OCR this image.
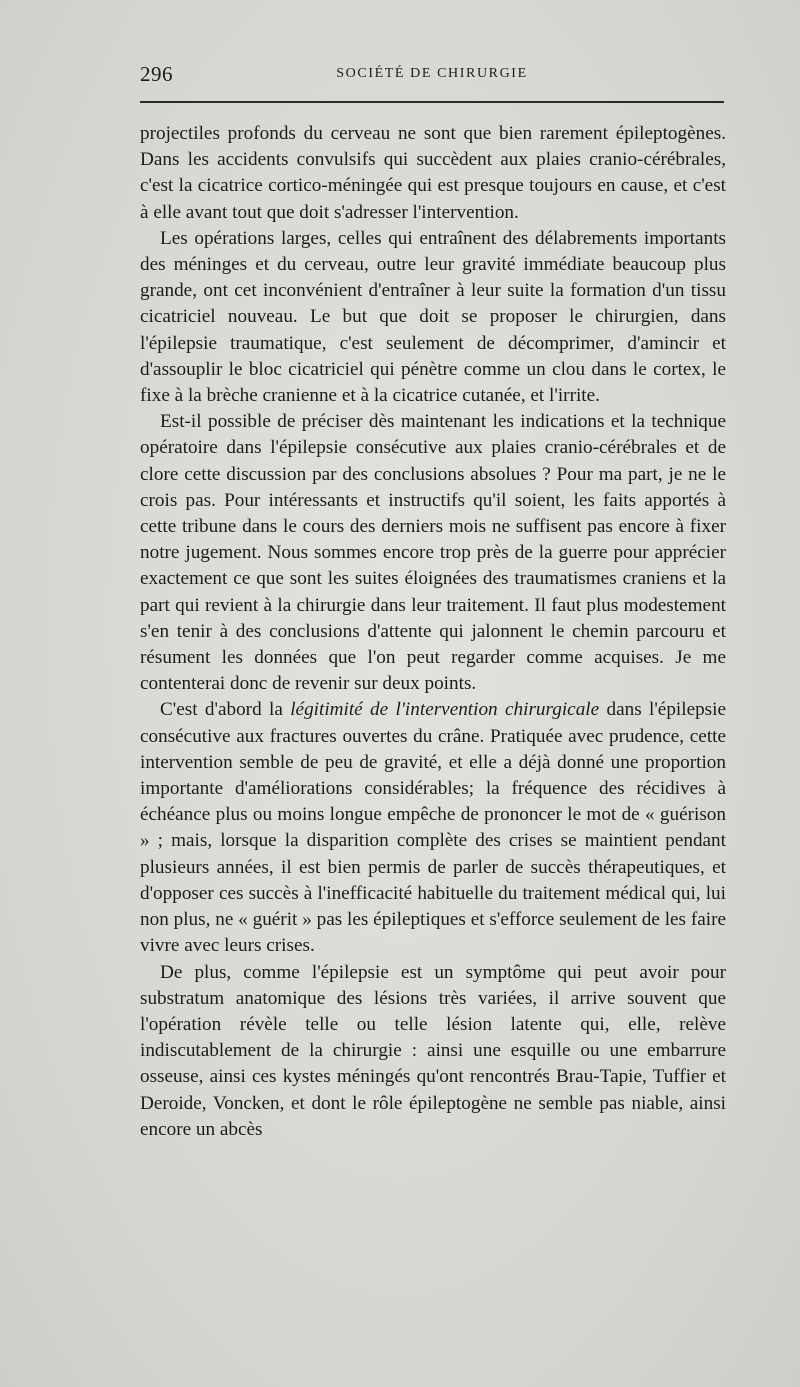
296	SOCIÉTÉ DE CHIRURGIE

projectiles profonds du cerveau ne sont que bien rarement épileptogènes. Dans les accidents convulsifs qui succèdent aux plaies cranio-cérébrales, c'est la cicatrice cortico-méningée qui est presque toujours en cause, et c'est à elle avant tout que doit s'adresser l'intervention.

Les opérations larges, celles qui entraînent des délabrements importants des méninges et du cerveau, outre leur gravité immédiate beaucoup plus grande, ont cet inconvénient d'entraîner à leur suite la formation d'un tissu cicatriciel nouveau. Le but que doit se proposer le chirurgien, dans l'épilepsie traumatique, c'est seulement de décomprimer, d'amincir et d'assouplir le bloc cicatriciel qui pénètre comme un clou dans le cortex, le fixe à la brèche cranienne et à la cicatrice cutanée, et l'irrite.

Est-il possible de préciser dès maintenant les indications et la technique opératoire dans l'épilepsie consécutive aux plaies cranio-cérébrales et de clore cette discussion par des conclusions absolues ? Pour ma part, je ne le crois pas. Pour intéressants et instructifs qu'il soient, les faits apportés à cette tribune dans le cours des derniers mois ne suffisent pas encore à fixer notre jugement. Nous sommes encore trop près de la guerre pour apprécier exactement ce que sont les suites éloignées des traumatismes craniens et la part qui revient à la chirurgie dans leur traitement. Il faut plus modestement s'en tenir à des conclusions d'attente qui jalonnent le chemin parcouru et résument les données que l'on peut regarder comme acquises. Je me contenterai donc de revenir sur deux points.

C'est d'abord la légitimité de l'intervention chirurgicale dans l'épilepsie consécutive aux fractures ouvertes du crâne. Pratiquée avec prudence, cette intervention semble de peu de gravité, et elle a déjà donné une proportion importante d'améliorations considérables; la fréquence des récidives à échéance plus ou moins longue empêche de prononcer le mot de « guérison » ; mais, lorsque la disparition complète des crises se maintient pendant plusieurs années, il est bien permis de parler de succès thérapeutiques, et d'opposer ces succès à l'inefficacité habituelle du traitement médical qui, lui non plus, ne « guérit » pas les épileptiques et s'efforce seulement de les faire vivre avec leurs crises.

De plus, comme l'épilepsie est un symptôme qui peut avoir pour substratum anatomique des lésions très variées, il arrive souvent que l'opération révèle telle ou telle lésion latente qui, elle, relève indiscutablement de la chirurgie : ainsi une esquille ou une embarrure osseuse, ainsi ces kystes méningés qu'ont rencontrés Brau-Tapie, Tuffier et Deroide, Voncken, et dont le rôle épileptogène ne semble pas niable, ainsi encore un abcès
